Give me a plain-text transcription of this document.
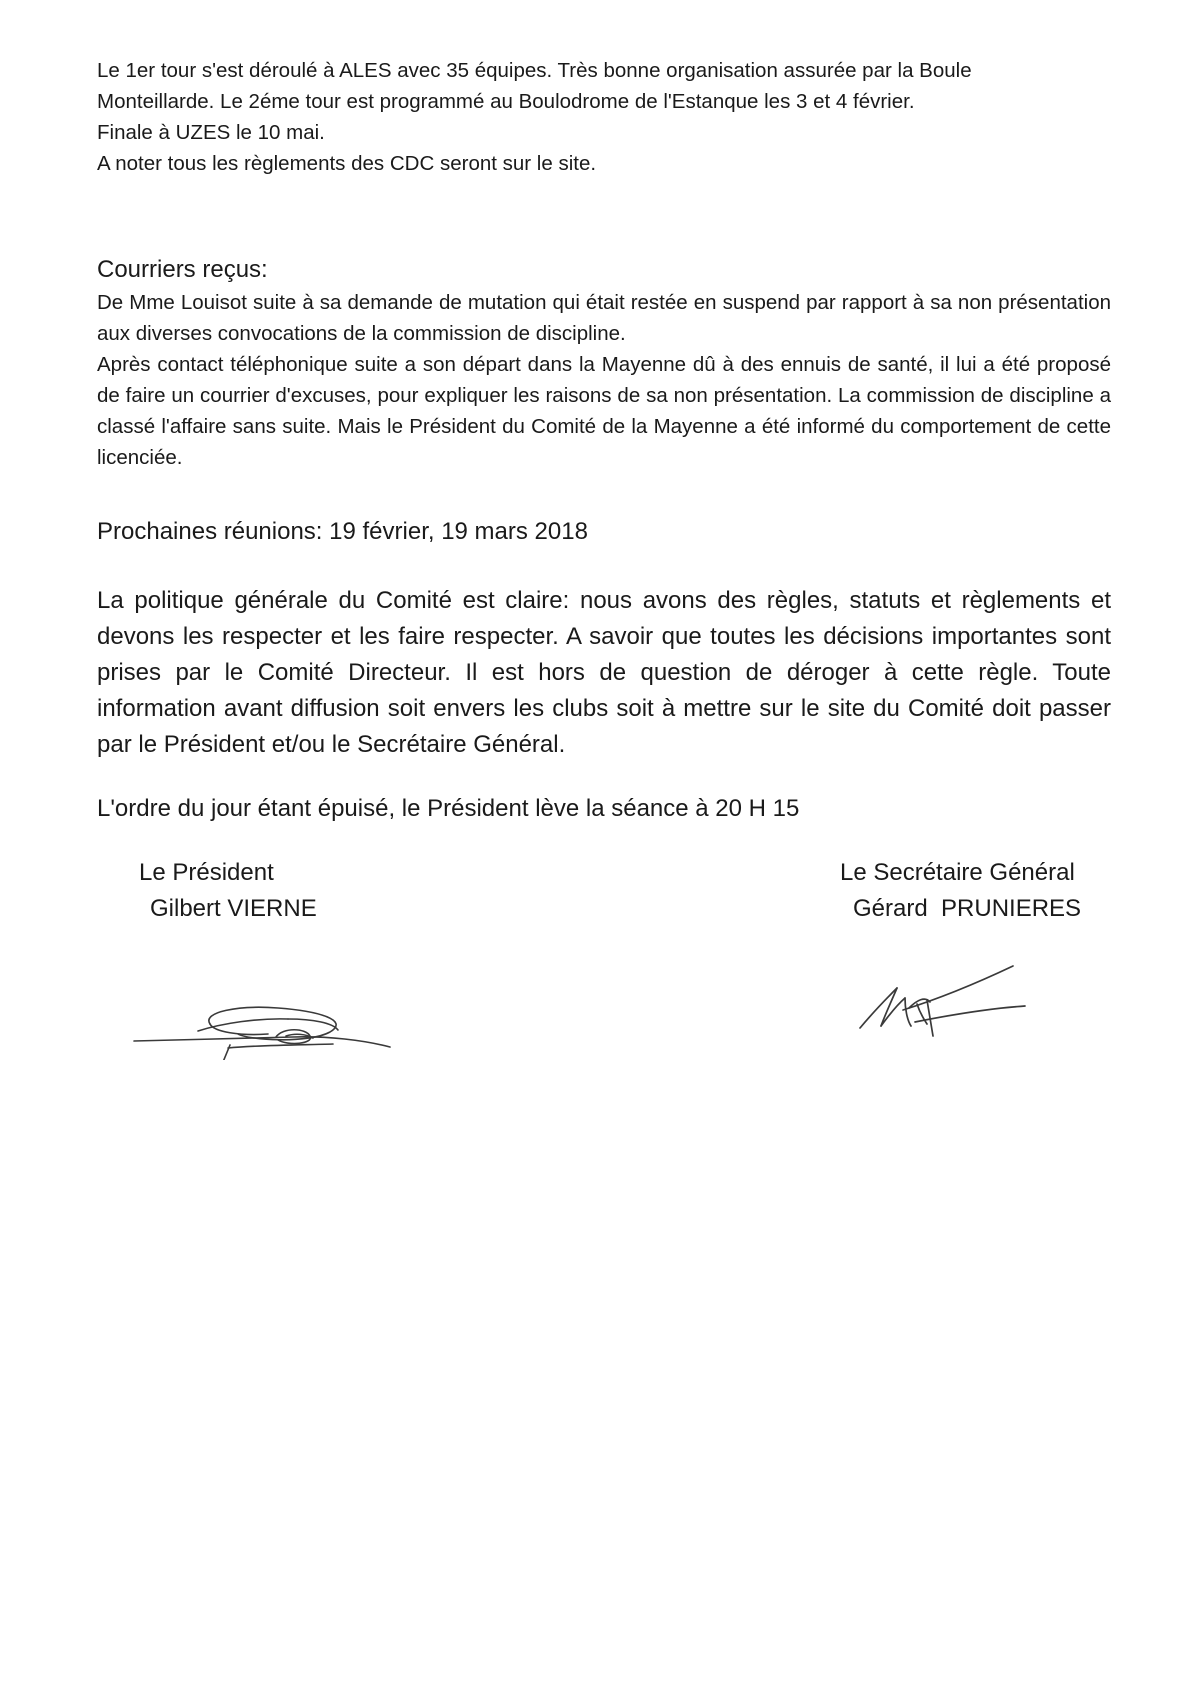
Le 1er tour s'est déroulé à ALES avec 35 équipes. Très bonne organisation assurée par la Boule
Monteillarde. Le 2éme tour est programmé au Boulodrome de l'Estanque les 3 et 4 février.
Finale à UZES le 10 mai.
A noter tous les règlements des CDC seront sur le site.
Courriers reçus:
De Mme Louisot suite à sa demande de mutation qui était restée en suspend par rapport à sa non présentation aux diverses convocations de la commission de discipline.
Après contact téléphonique suite a son départ dans la Mayenne dû à des ennuis de santé, il lui a été proposé de faire un courrier d'excuses, pour expliquer les raisons de sa non présentation. La commission de discipline a classé l'affaire sans suite. Mais le Président du Comité de la Mayenne a été informé du comportement de cette licenciée.
Prochaines réunions: 19 février, 19 mars 2018
La politique générale du Comité est claire: nous avons des règles, statuts et règlements et devons les respecter et les faire respecter. A savoir que toutes les décisions importantes sont prises par le Comité Directeur. Il est hors de question de déroger à cette règle. Toute information avant diffusion soit envers les clubs soit à mettre sur le site du Comité doit passer par le Président et/ou le Secrétaire Général.
L'ordre du jour étant épuisé, le Président lève la séance à 20 H 15
Le Président
Gilbert VIERNE
Le Secrétaire Général
Gérard  PRUNIERES
